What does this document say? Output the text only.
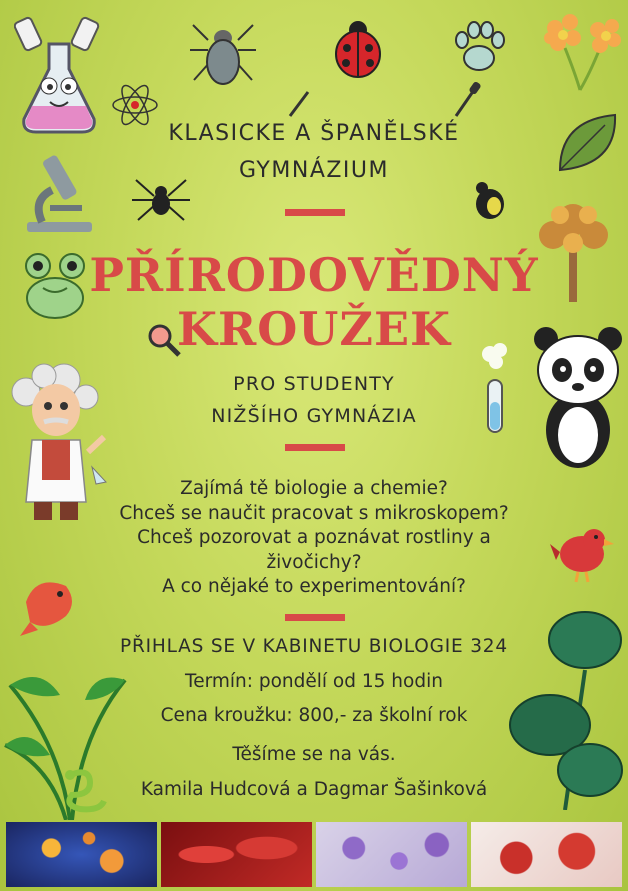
KLASICKE A ŠPANĚLSKÉ
GYMNÁZIUM
PŘÍRODOVĚDNÝ
KROUŽEK
PRO STUDENTY
NIŽŠÍHO GYMNÁZIA
Zajímá tě biologie a chemie?
Chceš se naučit pracovat s mikroskopem?
Chceš pozorovat a poznávat rostliny a
živočichy?
A co nějaké to experimentování?
PŘIHLAS SE V KABINETU BIOLOGIE 324
Termín: pondělí od 15 hodin
Cena kroužku: 800,- za školní rok
Těšíme se na vás.
Kamila Hudcová a Dagmar Šašinková
